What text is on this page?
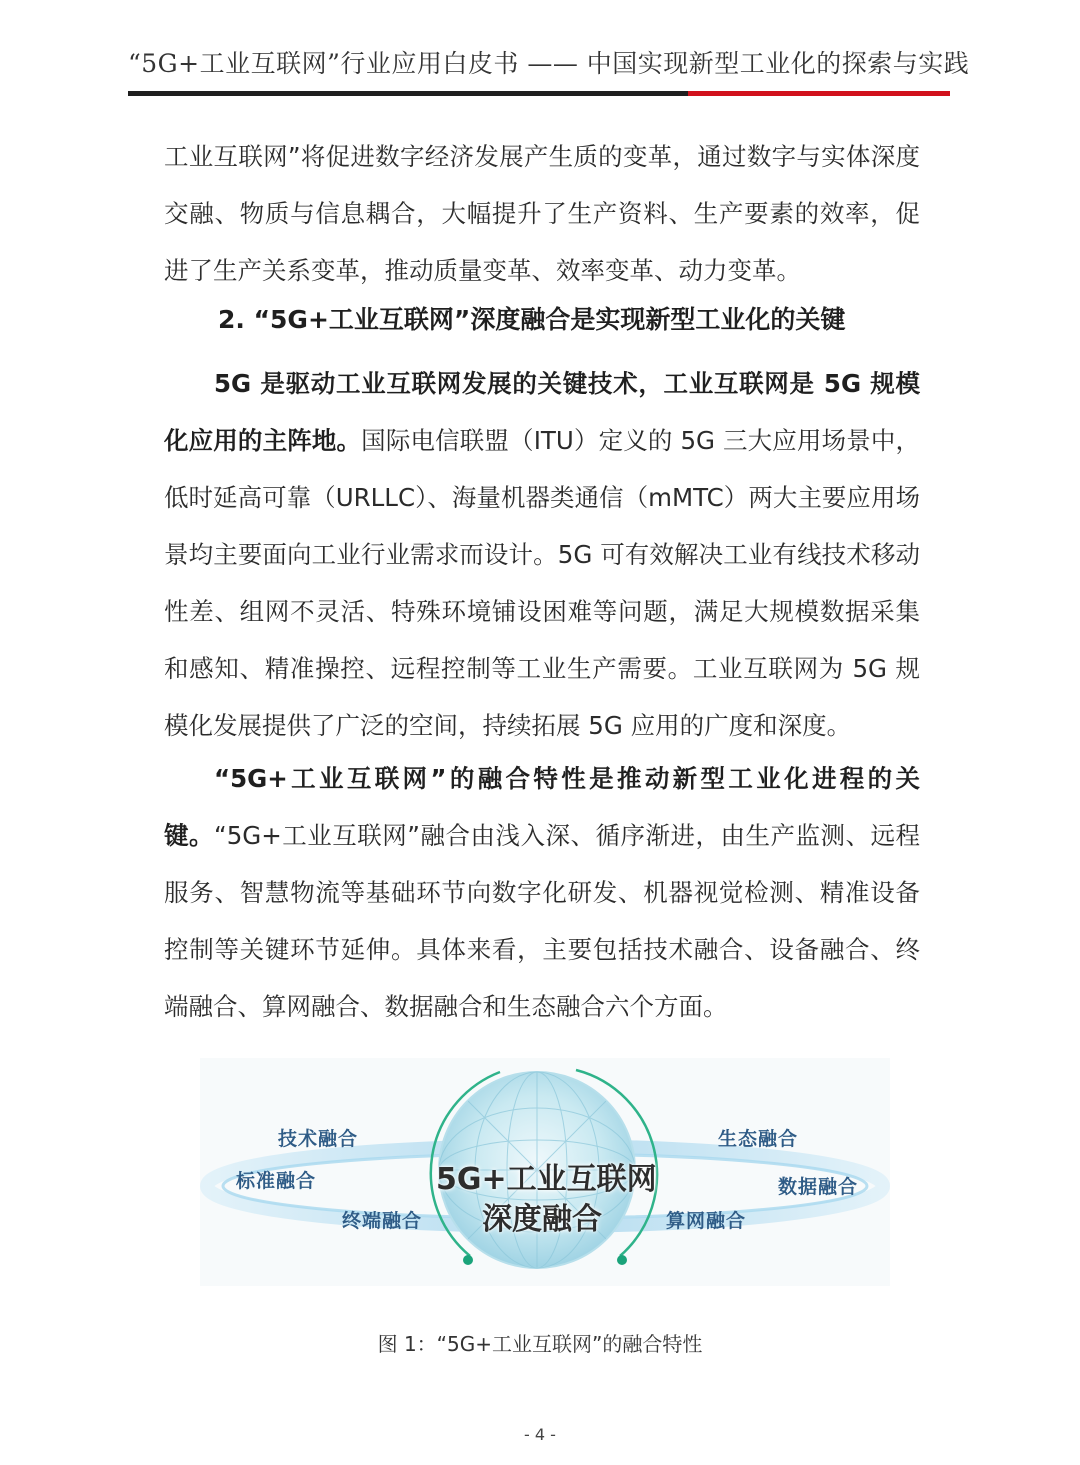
“5G+工业互联网”行业应用白皮书 —— 中国实现新型工业化的探索与实践

工业互联网”将促进数字经济发展产生质的变革，通过数字与实体深度交融、物质与信息耦合，大幅提升了生产资料、生产要素的效率，促进了生产关系变革，推动质量变革、效率变革、动力变革。

2. “5G+工业互联网”深度融合是实现新型工业化的关键

5G 是驱动工业互联网发展的关键技术，工业互联网是 5G 规模化应用的主阵地。国际电信联盟（ITU）定义的 5G 三大应用场景中，低时延高可靠（URLLC）、海量机器类通信（mMTC）两大主要应用场景均主要面向工业行业需求而设计。5G 可有效解决工业有线技术移动性差、组网不灵活、特殊环境铺设困难等问题，满足大规模数据采集和感知、精准操控、远程控制等工业生产需要。工业互联网为 5G 规模化发展提供了广泛的空间，持续拓展 5G 应用的广度和深度。

“5G+工业互联网”的融合特性是推动新型工业化进程的关键。“5G+工业互联网”融合由浅入深、循序渐进，由生产监测、远程服务、智慧物流等基础环节向数字化研发、机器视觉检测、精准设备控制等关键环节延伸。具体来看，主要包括技术融合、设备融合、终端融合、算网融合、数据融合和生态融合六个方面。

技术融合
标准融合
终端融合
生态融合
数据融合
算网融合
5G+工业互联网
深度融合
图 1：“5G+工业互联网”的融合特性
- 4 -
